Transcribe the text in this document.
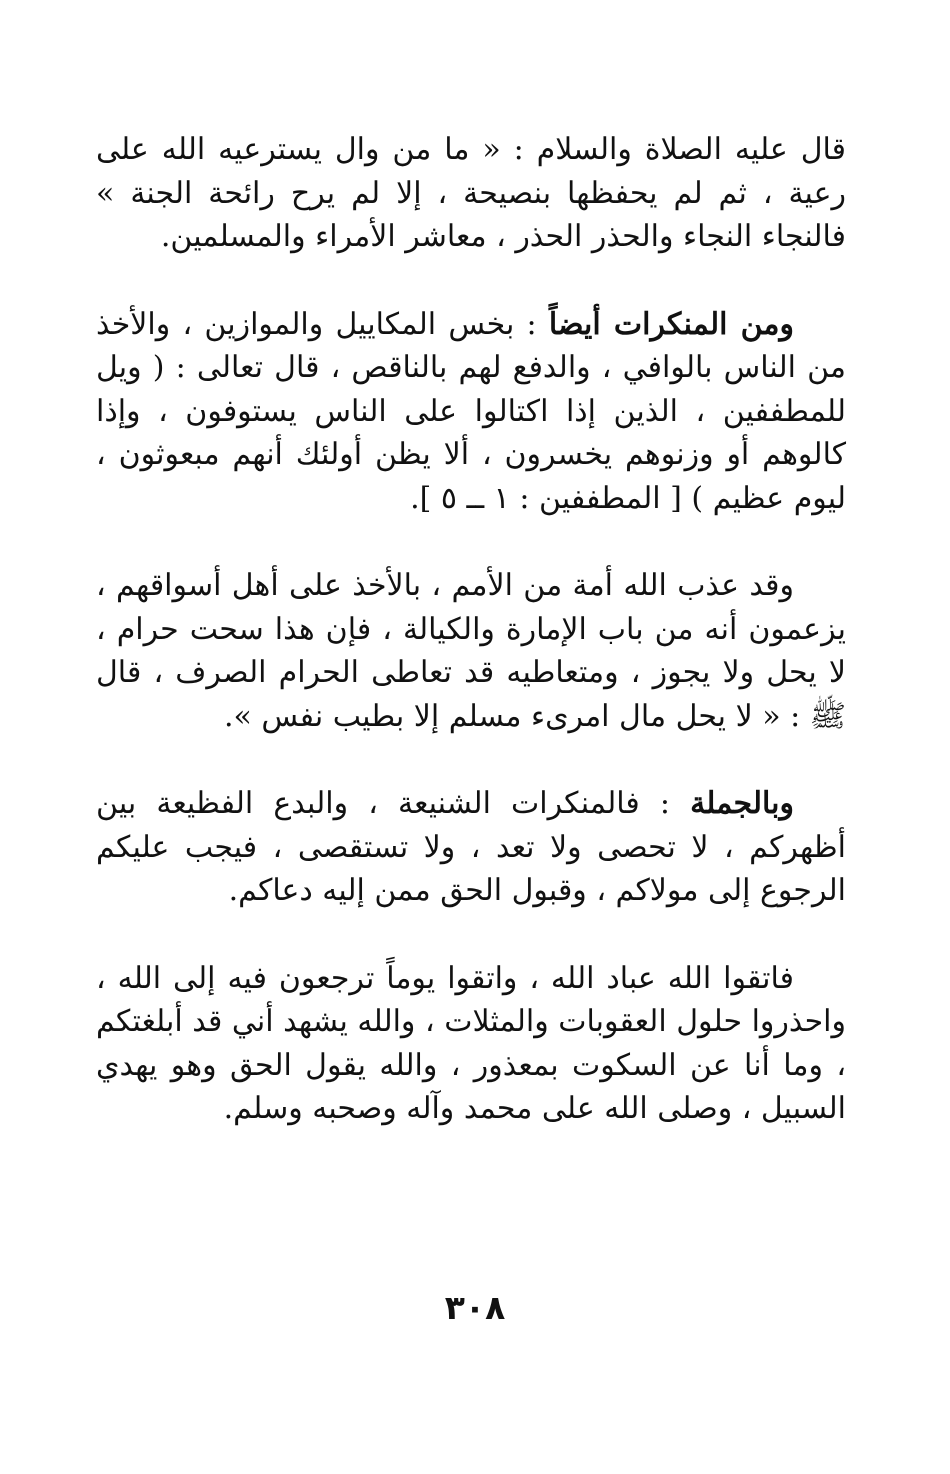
قال عليه الصلاة والسلام : « ما من وال يسترعيه الله على رعية ، ثم لم يحفظها بنصيحة ، إلا لم يرح رائحة الجنة » فالنجاء النجاء والحذر الحذر ، معاشر الأمراء والمسلمين.

ومن المنكرات أيضاً : بخس المكاييل والموازين ، والأخذ من الناس بالوافي ، والدفع لهم بالناقص ، قال تعالى : ( ويل للمطففين ، الذين إذا اكتالوا على الناس يستوفون ، وإذا كالوهم أو وزنوهم يخسرون ، ألا يظن أولئك أنهم مبعوثون ، ليوم عظيم ) [ المطففين : ١ ــ ٥ ].

وقد عذب الله أمة من الأمم ، بالأخذ على أهل أسواقهم ، يزعمون أنه من باب الإمارة والكيالة ، فإن هذا سحت حرام ، لا يحل ولا يجوز ، ومتعاطيه قد تعاطى الحرام الصرف ، قال ﷺ : « لا يحل مال امرىء مسلم إلا بطيب نفس ».

وبالجملة : فالمنكرات الشنيعة ، والبدع الفظيعة بين أظهركم ، لا تحصى ولا تعد ، ولا تستقصى ، فيجب عليكم الرجوع إلى مولاكم ، وقبول الحق ممن إليه دعاكم.

فاتقوا الله عباد الله ، واتقوا يوماً ترجعون فيه إلى الله ، واحذروا حلول العقوبات والمثلات ، والله يشهد أني قد أبلغتكم ، وما أنا عن السكوت بمعذور ، والله يقول الحق وهو يهدي السبيل ، وصلى الله على محمد وآله وصحبه وسلم.

٣٠٨
